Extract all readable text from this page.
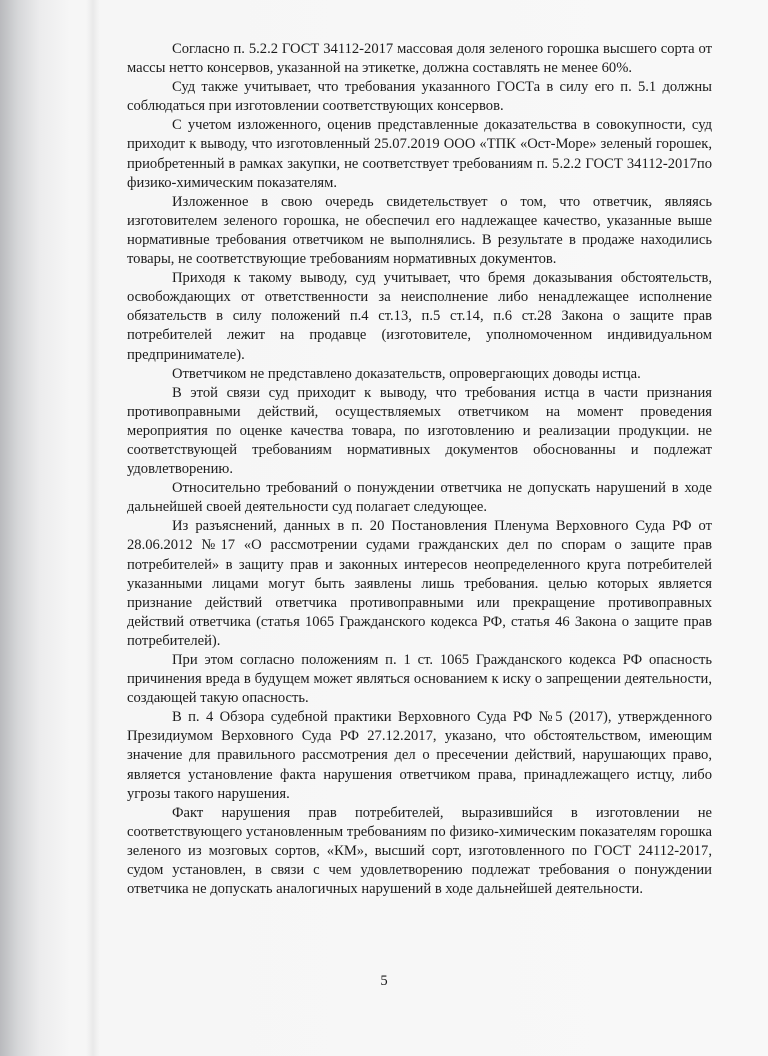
Согласно п. 5.2.2 ГОСТ 34112-2017 массовая доля зеленого горошка высшего сорта от массы нетто консервов, указанной на этикетке, должна составлять не менее 60%.

Суд также учитывает, что требования указанного ГОСТа в силу его п. 5.1 должны соблюдаться при изготовлении соответствующих консервов.

С учетом изложенного, оценив представленные доказательства в совокупности, суд приходит к выводу, что изготовленный 25.07.2019 ООО «ТПК «Ост-Море» зеленый горошек, приобретенный в рамках закупки, не соответствует требованиям п. 5.2.2 ГОСТ 34112-2017по физико-химическим показателям.

Изложенное в свою очередь свидетельствует о том, что ответчик, являясь изготовителем зеленого горошка, не обеспечил его надлежащее качество, указанные выше нормативные требования ответчиком не выполнялись. В результате в продаже находились товары, не соответствующие требованиям нормативных документов.

Приходя к такому выводу, суд учитывает, что бремя доказывания обстоятельств, освобождающих от ответственности за неисполнение либо ненадлежащее исполнение обязательств в силу положений п.4 ст.13, п.5 ст.14, п.6 ст.28 Закона о защите прав потребителей лежит на продавце (изготовителе, уполномоченном индивидуальном предпринимателе).

Ответчиком не представлено доказательств, опровергающих доводы истца.

В этой связи суд приходит к выводу, что требования истца в части признания противоправными действий, осуществляемых ответчиком на момент проведения мероприятия по оценке качества товара, по изготовлению и реализации продукции. не соответствующей требованиям нормативных документов обоснованны и подлежат удовлетворению.

Относительно требований о понуждении ответчика не допускать нарушений в ходе дальнейшей своей деятельности суд полагает следующее.

Из разъяснений, данных в п. 20 Постановления Пленума Верховного Суда РФ от 28.06.2012 №17 «О рассмотрении судами гражданских дел по спорам о защите прав потребителей» в защиту прав и законных интересов неопределенного круга потребителей указанными лицами могут быть заявлены лишь требования. целью которых является признание действий ответчика противоправными или прекращение противоправных действий ответчика (статья 1065 Гражданского кодекса РФ, статья 46 Закона о защите прав потребителей).

При этом согласно положениям п. 1 ст. 1065 Гражданского кодекса РФ опасность причинения вреда в будущем может являться основанием к иску о запрещении деятельности, создающей такую опасность.

В п. 4 Обзора судебной практики Верховного Суда РФ №5 (2017), утвержденного Президиумом Верховного Суда РФ 27.12.2017, указано, что обстоятельством, имеющим значение для правильного рассмотрения дел о пресечении действий, нарушающих право, является установление факта нарушения ответчиком права, принадлежащего истцу, либо угрозы такого нарушения.

Факт нарушения прав потребителей, выразившийся в изготовлении не соответствующего установленным требованиям по физико-химическим показателям горошка зеленого из мозговых сортов, «КМ», высший сорт, изготовленного по ГОСТ 24112-2017, судом установлен, в связи с чем удовлетворению подлежат требования о понуждении ответчика не допускать аналогичных нарушений в ходе дальнейшей деятельности.

5
